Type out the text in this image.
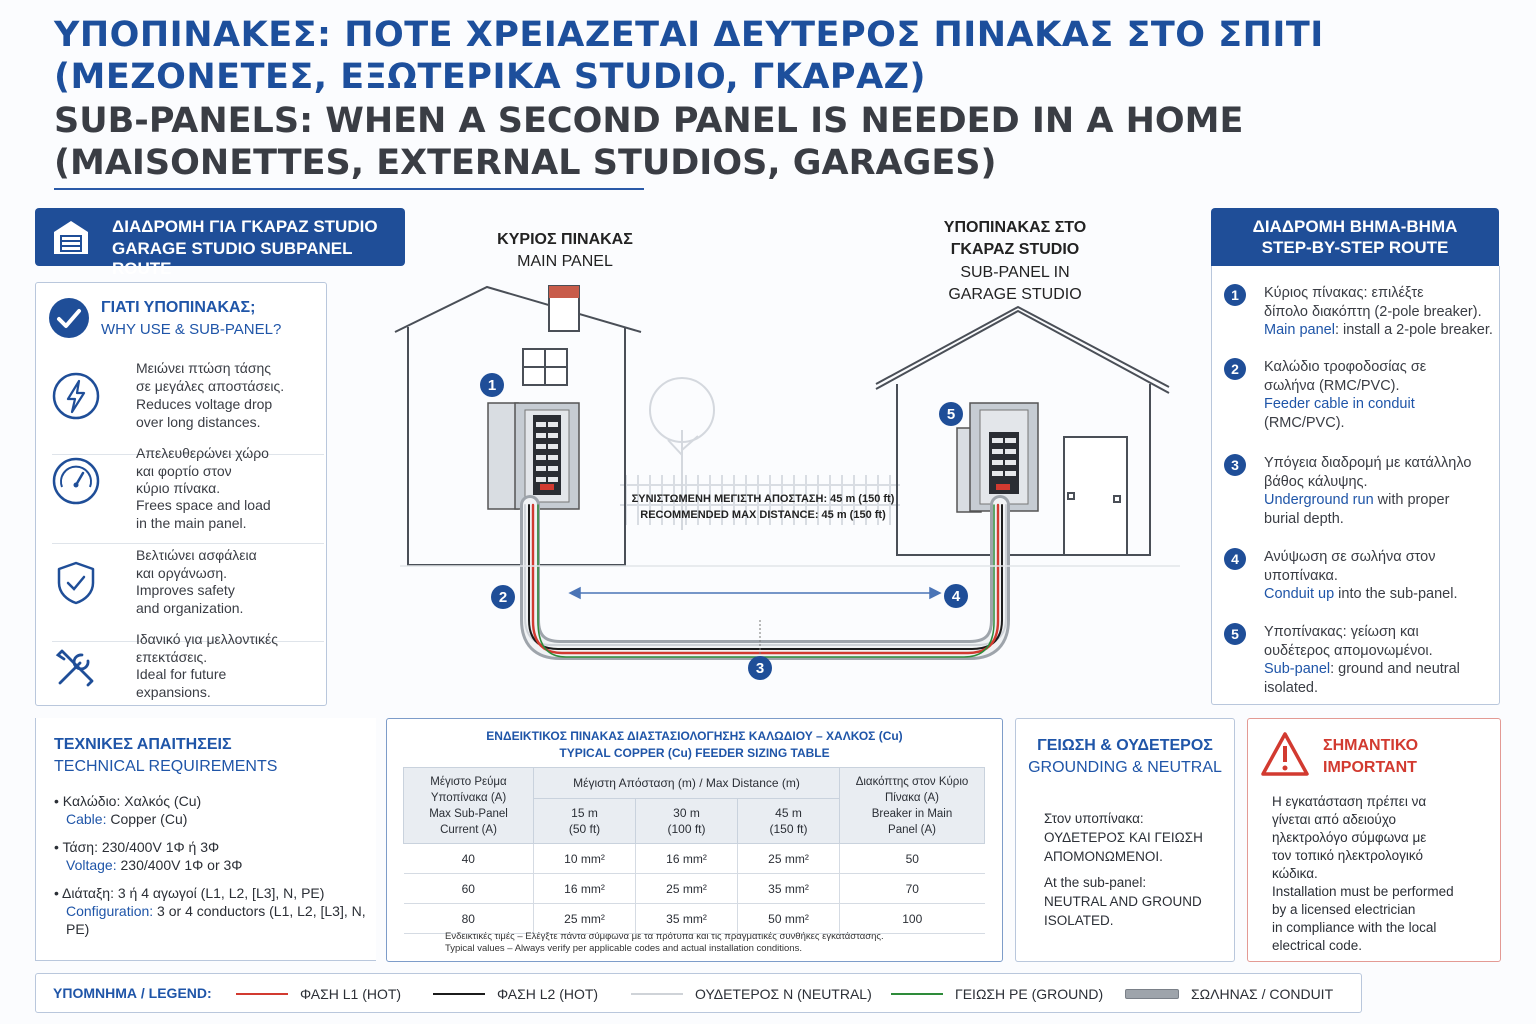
ΥΠΟΠΙΝΑΚΕΣ: ΠΟΤΕ ΧΡΕΙΑΖΕΤΑΙ ΔΕΥΤΕΡΟΣ ΠΙΝΑΚΑΣ ΣΤΟ ΣΠΙΤΙ
(ΜΕΖΟΝΕΤΕΣ, ΕΞΩΤΕΡΙΚΑ STUDIO, ΓΚΑΡΑΖ)
SUB-PANELS: WHEN A SECOND PANEL IS NEEDED IN A HOME
(MAISONETTES, EXTERNAL STUDIOS, GARAGES)
ΔΙΑΔΡΟΜΗ ΓΙΑ ΓΚΑΡΑΖ STUDIO
GARAGE STUDIO SUBPANEL ROUTE
ΓΙΑΤΙ ΥΠΟΠΙΝΑΚΑΣ;
WHY USE & SUB-PANEL?
Μειώνει πτώση τάσης
σε μεγάλες αποστάσεις.
Reduces voltage drop
over long distances.
Απελευθερώνει χώρο
και φορτίο στον
κύριο πίνακα.
Frees space and load
in the main panel.
Βελτιώνει ασφάλεια
και οργάνωση.
Improves safety
and organization.
Ιδανικό για μελλοντικές
επεκτάσεις.
Ideal for future
expansions.
ΣΥΝΙΣΤΩΜΕΝΗ ΜΕΓΙΣΤΗ ΑΠΟΣΤΑΣΗ: 45 m (150 ft)
RECOMMENDED MAX DISTANCE: 45 m (150 ft)
1
2
3
4
5
ΚΥΡΙΟΣ ΠΙΝΑΚΑΣ
MAIN PANEL
ΥΠΟΠΙΝΑΚΑΣ ΣΤΟ
ΓΚΑΡΑΖ STUDIO
SUB-PANEL IN
GARAGE STUDIO
ΔΙΑΔΡΟΜΗ ΒΗΜΑ-ΒΗΜΑ
STEP-BY-STEP ROUTE
1	Κύριος πίνακας: επιλέξτε
δίπολο διακόπτη (2-pole breaker).
Main panel: install a 2-pole breaker.
2	Καλώδιο τροφοδοσίας σε
σωλήνα (RMC/PVC).
Feeder cable in conduit
(RMC/PVC).
3	Υπόγεια διαδρομή με κατάλληλο
βάθος κάλυψης.
Underground run with proper
burial depth.
4	Ανύψωση σε σωλήνα στον
υποπίνακα.
Conduit up into the sub-panel.
5	Υποπίνακας: γείωση και
ουδέτερος απομονωμένοι.
Sub-panel: ground and neutral
isolated.
ΤΕΧΝΙΚΕΣ ΑΠΑΙΤΗΣΕΙΣ
TECHNICAL REQUIREMENTS
• Καλώδιο: Χαλκός (Cu)
Cable: Copper (Cu)
• Τάση: 230/400V 1Φ ή 3Φ
Voltage: 230/400V 1Φ or 3Φ
• Διάταξη: 3 ή 4 αγωγοί (L1, L2, [L3], N, PE)
Configuration: 3 or 4 conductors (L1, L2, [L3], N, PE)
ΕΝΔΕΙΚΤΙΚΟΣ ΠΙΝΑΚΑΣ ΔΙΑΣΤΑΣΙΟΛΟΓΗΣΗΣ ΚΑΛΩΔΙΟΥ – ΧΑΛΚΟΣ (Cu)
TYPICAL COPPER (Cu) FEEDER SIZING TABLE
Μέγιστο Ρεύμα
Υποπίνακα (A)
Max Sub-Panel
Current (A)	Μέγιστη Απόσταση (m) / Max Distance (m)			Διακόπτης στον Κύριο
Πίνακα (A)
Breaker in Main
Panel (A)
	15 m
(50 ft)	30 m
(100 ft)	45 m
(150 ft)	
40	10 mm²	16 mm²	25 mm²	50
60	16 mm²	25 mm²	35 mm²	70
80	25 mm²	35 mm²	50 mm²	100
Ενδεικτικές τιμές – Ελέγξτε πάντα σύμφωνα με τα πρότυπα και τις πραγματικές συνθήκες εγκατάστασης.
Typical values – Always verify per applicable codes and actual installation conditions.
ΓΕΙΩΣΗ & ΟΥΔΕΤΕΡΟΣ
GROUNDING & NEUTRAL
Στον υποπίνακα:
ΟΥΔΕΤΕΡΟΣ ΚΑΙ ΓΕΙΩΣΗ
ΑΠΟΜΟΝΩΜΕΝΟΙ.
At the sub-panel:
NEUTRAL AND GROUND
ISOLATED.
ΣΗΜΑΝΤΙΚΟ
IMPORTANT
Η εγκατάσταση πρέπει να
γίνεται από αδειούχο
ηλεκτρολόγο σύμφωνα με
τον τοπικό ηλεκτρολογικό
κώδικα.
Installation must be performed
by a licensed electrician
in compliance with the local
electrical code.
ΥΠΟΜΝΗΜΑ / LEGEND:	ΦΑΣΗ L1 (HOT)	ΦΑΣΗ L2 (HOT)	ΟΥΔΕΤΕΡΟΣ N (NEUTRAL)	ΓΕΙΩΣΗ PE (GROUND)	ΣΩΛΗΝΑΣ / CONDUIT
